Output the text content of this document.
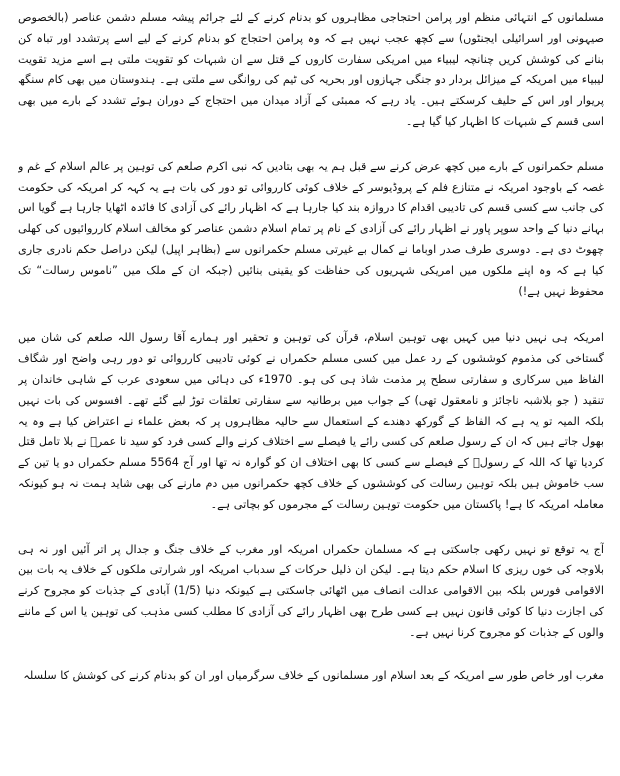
مسلمانوں کے انتہائی منظم اور پرامن احتجاجی مظاہروں کو بدنام کرنے کے لئے جرائم پیشہ مسلم دشمن عناصر (بالخصوص صیہونی اور اسرائیلی ایجنٹوں) سے کچھ عجب نہیں ہے کہ وہ پرامن احتجاج کو بدنام کرنے کے لیے اسے پرتشدد اور تباہ کن بنانے کی کوشش کریں چنانچہ لیبیاء میں امریکی سفارت کاروں کے قتل سے ان شبہات کو تقویت ملتی ہے اسے مزید تقویت لیبیاء میں امریکہ کے میزائل بردار دو جنگی جہازوں اور بحریہ کی ٹیم کی روانگی سے ملتی ہے۔ ہندوستان میں بھی کام سنگھ پریوار اور اس کے حلیف کرسکتے ہیں۔ یاد رہے کہ ممبئی کے آزاد میدان میں احتجاج کے دوران ہوئے تشدد کے بارے میں بھی اسی قسم کے شبہات کا اظہار کیا گیا ہے۔

مسلم حکمرانوں کے بارے میں کچھ عرض کرنے سے قبل ہم یہ بھی بتادیں کہ نبی اکرم صلعم کی توہین پر عالم اسلام کے غم و غصہ کے باوجود امریکہ نے متنازع فلم کے پروڈیوسر کے خلاف کوئی کارروائی تو دور کی بات ہے یہ کہہ کر امریکہ کی حکومت کی جانب سے کسی قسم کی تادیبی اقدام کا دروازہ بند کیا جارہا ہے کہ اظہار رائے کی آزادی کا فائدہ اٹھایا جارہا ہے گویا اس بہانے دنیا کے واحد سوپر پاور نے اظہار رائے کی آزادی کے نام پر تمام اسلام دشمن عناصر کو مخالف اسلام کارروائیوں کی کھلی چھوٹ دی ہے۔ دوسری طرف صدر اوباما نے کمال بے غیرتی مسلم حکمرانوں سے (بظاہر اپیل) لیکن دراصل حکم نادری جاری کیا ہے کہ وہ اپنے ملکوں میں امریکی شہریوں کی حفاظت کو یقینی بنائیں (جبکہ ان کے ملک میں ”ناموس رسالت“ تک محفوظ نہیں ہے!)

امریکہ ہی نہیں دنیا میں کہیں بھی توہین اسلام، قرآن کی توہین و تحقیر اور ہمارے آقا رسول اللہ صلعم کی شان میں گستاخی کی مذموم کوششوں کے رد عمل میں کسی مسلم حکمراں نے کوئی تادیبی کارروائی تو دور رہی واضح اور شگاف الفاظ میں سرکاری و سفارتی سطح پر مذمت شاذ ہی کی ہو۔ 1970ء کی دہائی میں سعودی عرب کے شاہی خاندان پر تنقید ( جو بلاشبہ ناجائز و نامعقول تھی) کے جواب میں برطانیہ سے سفارتی تعلقات توڑ لیے گئے تھے۔ افسوس کی بات نہیں بلکہ المیہ تو یہ ہے کہ الفاظ کے گورکھ دھندے کے استعمال سے حالیہ مظاہروں پر کہ بعض علماء نے اعتراض کیا ہے وہ یہ بھول جاتے ہیں کہ ان کے رسول صلعم کی کسی رائے یا فیصلے سے اختلاف کرنے والے کسی فرد کو سید نا عمرؓ نے بلا تامل قتل کردیا تھا کہ اللہ کے رسولؐ کے فیصلے سے کسی کا بھی اختلاف ان کو گوارہ نہ تھا اور آج 5564 مسلم حکمراں دو یا تین کے سب خاموش ہیں بلکہ توہین رسالت کی کوششوں کے خلاف کچھ حکمرانوں میں دم مارنے کی بھی شاید ہمت نہ ہو کیونکہ معاملہ امریکہ کا ہے! پاکستان میں حکومت توہین رسالت کے مجرموں کو بچاتی ہے۔

آج یہ توقع تو نہیں رکھی جاسکتی ہے کہ مسلمان حکمراں امریکہ اور مغرب کے خلاف جنگ و جدال پر اتر آئیں اور نہ ہی بلاوجہ کی خوں ریزی کا اسلام حکم دیتا ہے۔ لیکن ان ذلیل حرکات کے سدباب امریکہ اور شرارتی ملکوں کے خلاف یہ بات بین الاقوامی فورس بلکہ بین الاقوامی عدالت انصاف میں اٹھائی جاسکتی ہے کیونکہ دنیا (1/5) آبادی کے جذبات کو مجروح کرنے کی اجازت دنیا کا کوئی قانون نہیں ہے کسی طرح بھی اظہار رائے کی آزادی کا مطلب کسی مذہب کی توہین یا اس کے ماننے والوں کے جذبات کو مجروح کرنا نہیں ہے۔

مغرب اور خاص طور سے امریکہ کے بعد اسلام اور مسلمانوں کے خلاف سرگرمیاں اور ان کو بدنام کرنے کی کوشش کا سلسلہ
